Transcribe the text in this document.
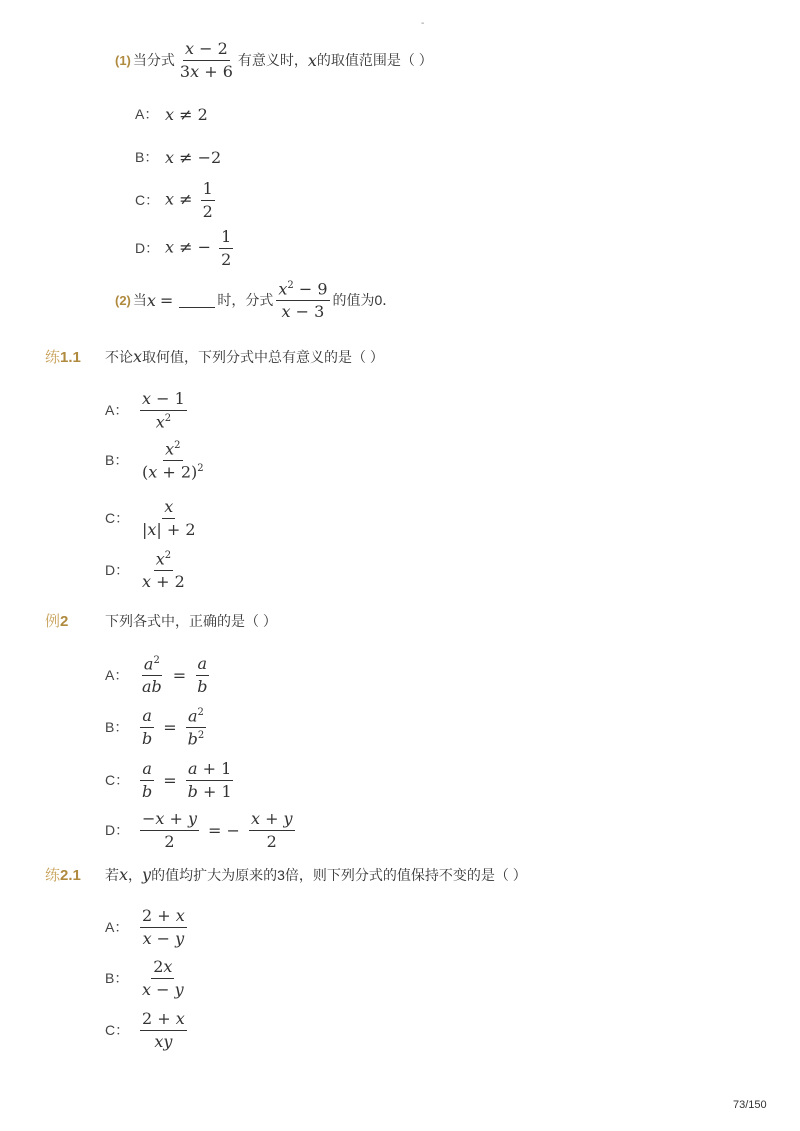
-
(1) 当分式 $\frac{x - 2}{3x + 6}$ 有意义时， x 的取值范围是（ ）
A： x ≠ 2
B： x ≠ −2
C： $x \ne \frac{1}{2}$
D： x ≠ − $\frac{1}{2}$
(2) 当 x =	时，分式 $\frac{x^2 - 9}{x - 3}$ 的值为0．
练1.1	不论 x 取何值，下列分式中总有意义的是（ ）
A： $\frac{x - 1}{x^2}$
B： $\frac{x^2}{(x + 2)^2}$
C： $\frac{x}{|x| + 2}$
D： $\frac{x^2}{x + 2}$
例2	下列各式中，正确的是（ ）
A： $\frac{a^2}{ab} = \frac{a}{b}$
B： $\frac{a}{b} = \frac{a^2}{b^2}$
C： $\frac{a}{b} = \frac{a + 1}{b + 1}$
D： $\frac{-x + y}{2}$ = − $\frac{x + y}{2}$
练2.1	若 x ， y 的值均扩大为原来的3倍，则下列分式的值保持不变的是（ ）
A： $\frac{2 + x}{x - y}$
B： $\frac{2x}{x - y}$
C： $\frac{2 + x}{xy}$
73/150
